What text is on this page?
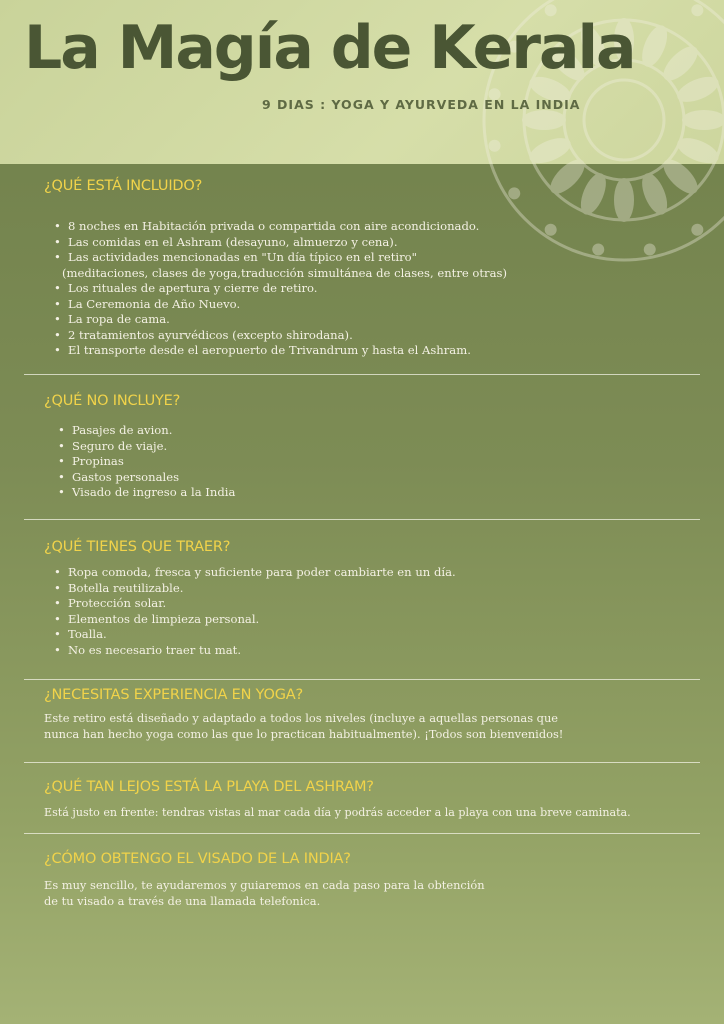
La Magía de Kerala
9 DIAS : YOGA Y AYURVEDA EN LA INDIA
¿QUÉ ESTÁ INCLUIDO?
• 8 noches en Habitación privada o compartida con aire acondicionado.
• Las comidas en el Ashram (desayuno, almuerzo y cena).
• Las actividades mencionadas en "Un día típico en el retiro"
(meditaciones, clases de yoga,traducción simultánea de clases, entre otras)
• Los rituales de apertura y cierre de retiro.
• La Ceremonia de Año Nuevo.
• La ropa de cama.
• 2 tratamientos ayurvédicos (excepto shirodana).
• El transporte desde el aeropuerto de Trivandrum y hasta el Ashram.
¿QUÉ NO INCLUYE?
• Pasajes de avion.
• Seguro de viaje.
• Propinas
• Gastos personales
• Visado de ingreso a la India
¿QUÉ TIENES QUE TRAER?
• Ropa comoda, fresca y suficiente para poder cambiarte en un día.
• Botella reutilizable.
• Protección solar.
• Elementos de limpieza personal.
• Toalla.
• No es necesario traer tu mat.
¿NECESITAS EXPERIENCIA EN YOGA?
Este retiro está diseñado y adaptado a todos los niveles (incluye a aquellas personas que
nunca han hecho yoga como las que lo practican habitualmente). ¡Todos son bienvenidos!
¿QUÉ TAN LEJOS ESTÁ LA PLAYA DEL ASHRAM?
Está justo en frente: tendras vistas al mar cada día y podrás acceder a la playa con una breve caminata.
¿CÓMO OBTENGO EL VISADO DE LA INDIA?
Es muy sencillo, te ayudaremos y guiaremos en cada paso para la obtención
de tu visado a través de una llamada telefonica.
